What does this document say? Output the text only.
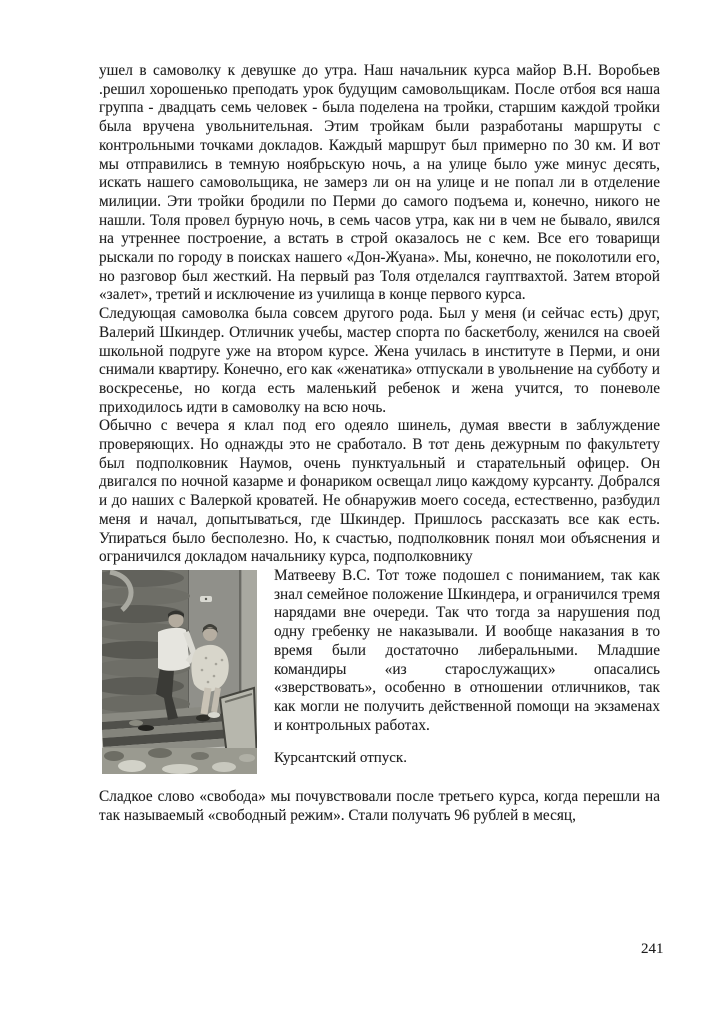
ушел в самоволку к девушке до утра. Наш начальник курса майор В.Н. Воробьев .решил хорошенько преподать урок будущим самовольщикам. После отбоя вся наша группа - двадцать семь человек - была поделена на тройки, старшим каждой тройки была вручена увольнительная. Этим тройкам были разработаны маршруты с контрольными точками докладов. Каждый маршрут был примерно по 30 км. И вот мы отправились в темную ноябрьскую ночь, а на улице было уже минус десять, искать нашего самовольщика, не замерз ли он на улице и не попал ли в отделение милиции. Эти тройки бродили по Перми до самого подъема и, конечно, никого не нашли. Толя провел бурную ночь, в семь часов утра, как ни в чем не бывало, явился на утреннее построение, а встать в строй оказалось не с кем. Все его товарищи рыскали по городу в поисках нашего «Дон-Жуана». Мы, конечно, не поколотили его, но разговор был жесткий. На первый раз Толя отделался гауптвахтой. Затем второй «залет», третий и исключение из училища в конце первого курса.

Следующая самоволка была совсем другого рода. Был у меня (и сейчас есть) друг, Валерий Шкиндер. Отличник учебы, мастер спорта по баскетболу, женился на своей школьной подруге уже на втором курсе. Жена училась в институте в Перми, и они снимали квартиру. Конечно, его как «женатика» отпускали в увольнение на субботу и воскресенье, но когда есть маленький ребенок и жена учится, то поневоле приходилось идти в самоволку на всю ночь.

Обычно с вечера я клал под его одеяло шинель, думая ввести в заблуждение проверяющих. Но однажды это не сработало. В тот день дежурным по факультету был подполковник Наумов, очень пунктуальный и старательный офицер. Он двигался по ночной казарме и фонариком освещал лицо каждому курсанту. Добрался и до наших с Валеркой кроватей. Не обнаружив моего соседа, естественно, разбудил меня и начал, допытываться, где Шкиндер. Пришлось рассказать все как есть. Упираться было бесполезно. Но, к счастью, подполковник понял мои объяснения и ограничился докладом начальнику курса, подполковнику

Матвееву В.С. Тот тоже подошел с пониманием, так как знал семейное положение Шкиндера, и ограничился тремя нарядами вне очереди. Так что тогда за нарушения под одну гребенку не наказывали. И вообще наказания в то время были достаточно либеральными. Младшие командиры «из старослужащих» опасались «зверствовать», особенно в отношении отличников, так как могли не получить действенной помощи на экзаменах и контрольных работах.

Курсантский отпуск.

Сладкое слово «свобода» мы почувствовали после третьего курса, когда перешли на так называемый «свободный режим». Стали получать 96 рублей в месяц,

241
